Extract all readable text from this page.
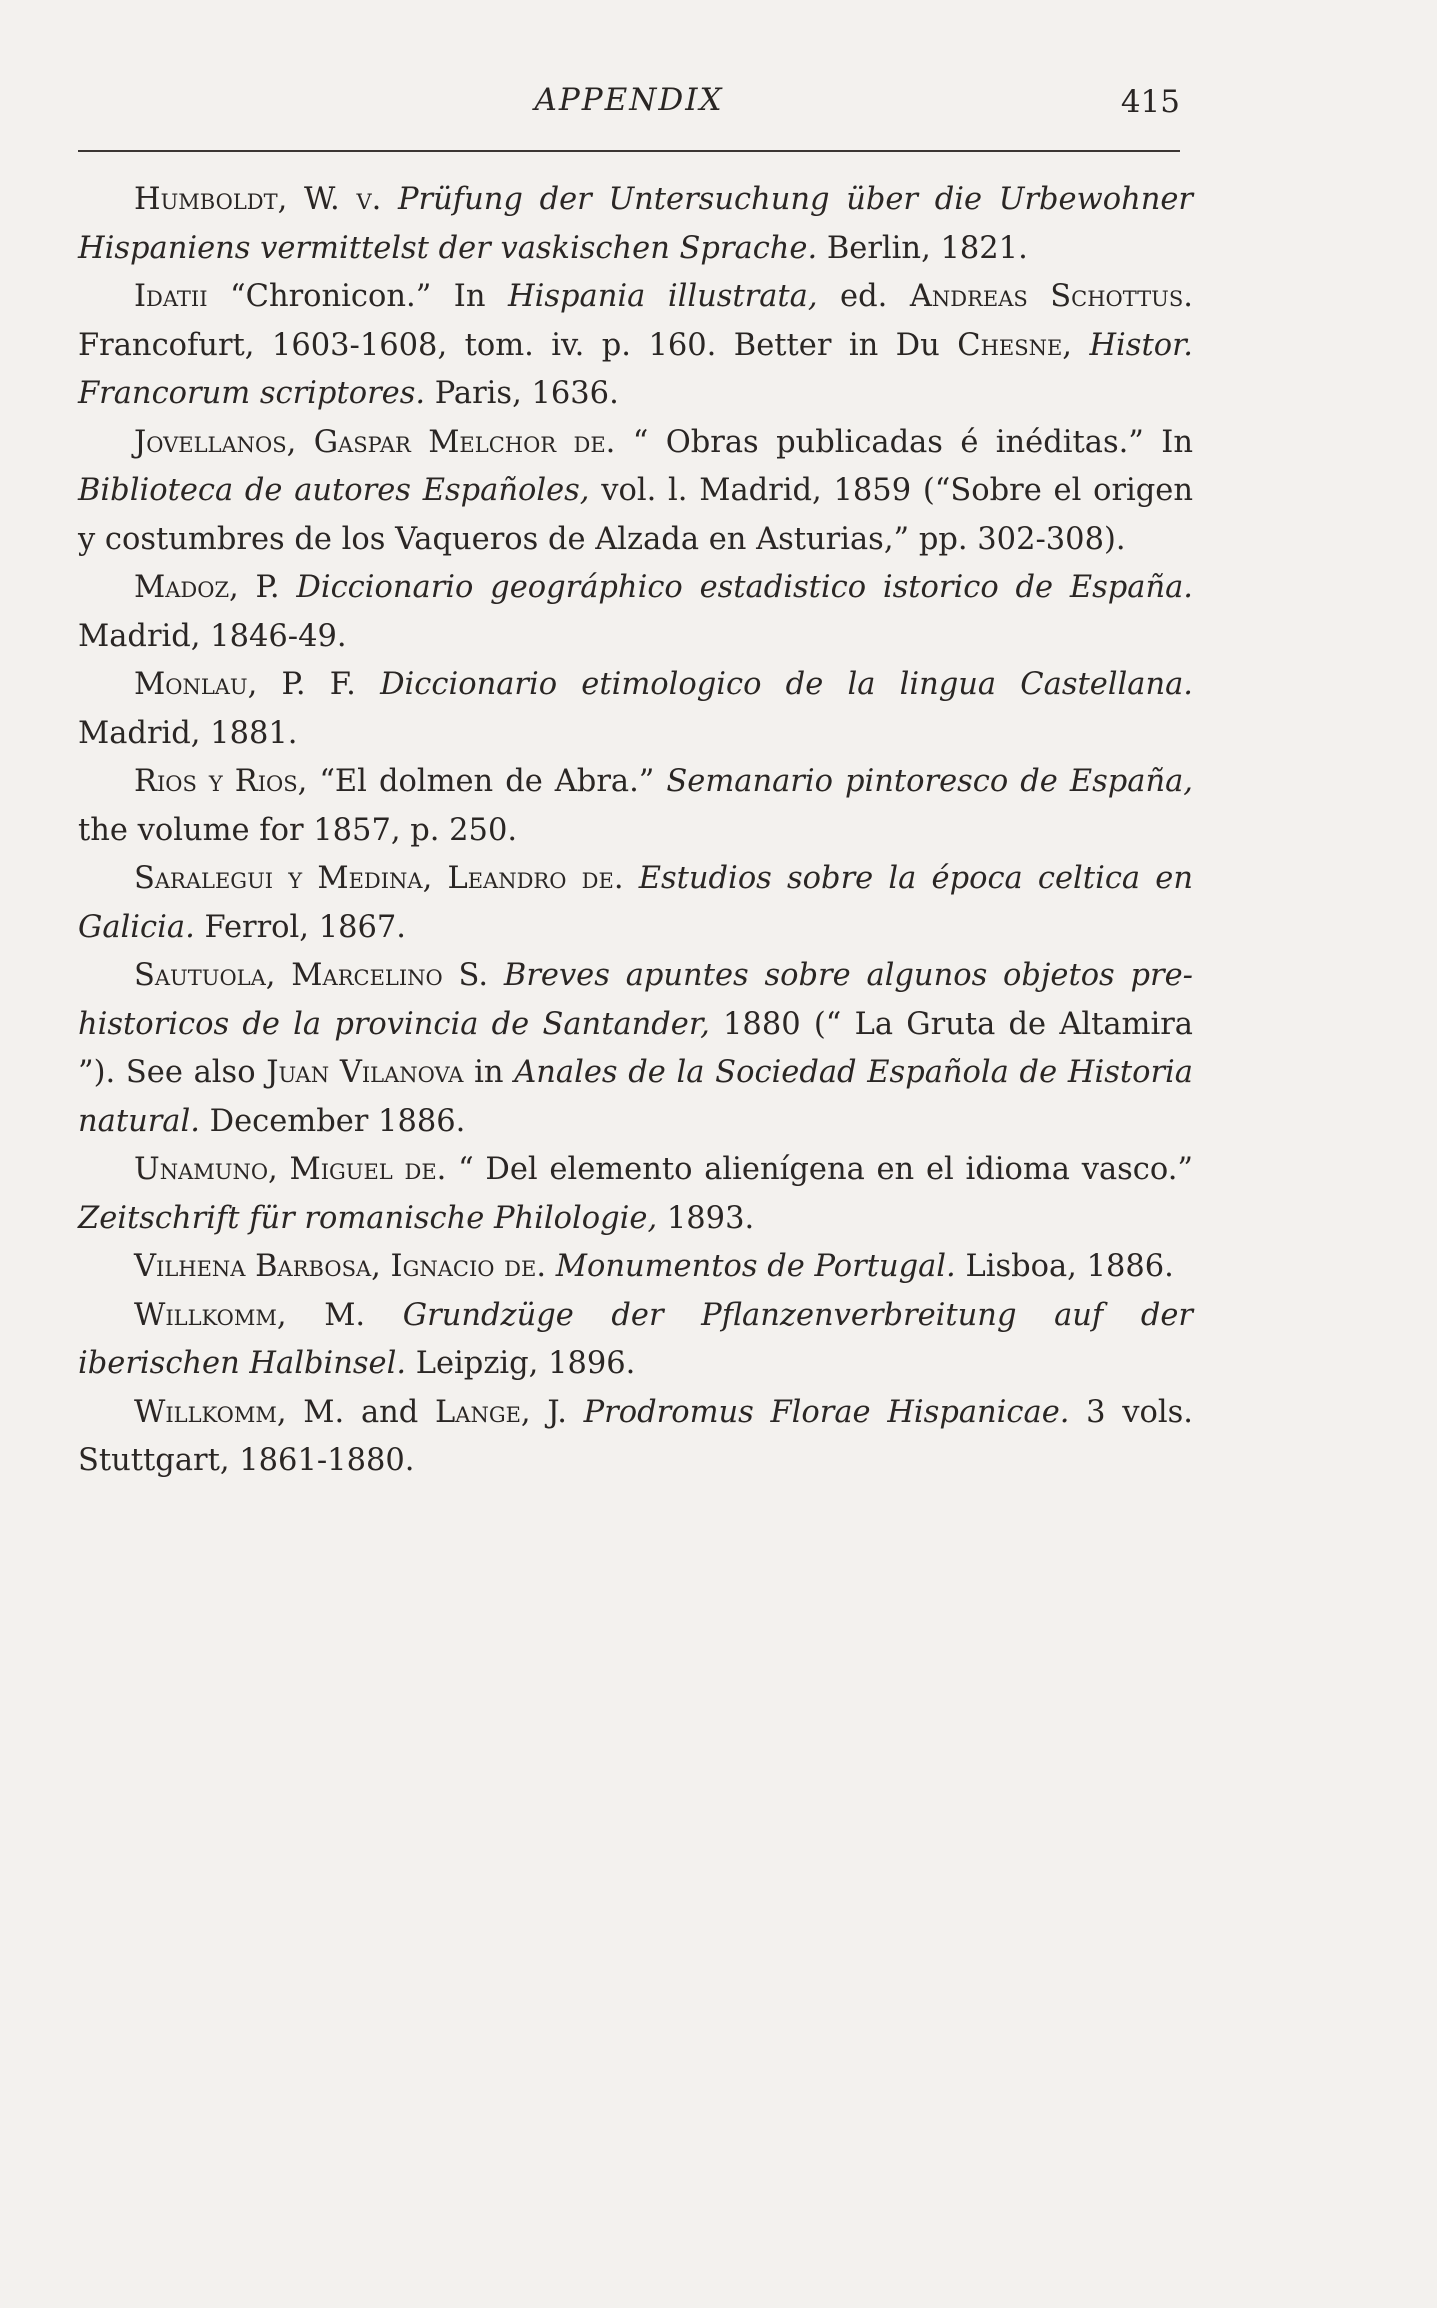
APPENDIX	415

Humboldt, W. v. Prüfung der Untersuchung über die Urbewohner Hispaniens vermittelst der vaskischen Sprache. Berlin, 1821.

Idatii “Chronicon.” In Hispania illustrata, ed. Andreas Schottus. Francofurt, 1603-1608, tom. iv. p. 160. Better in Du Chesne, Histor. Francorum scriptores. Paris, 1636.

Jovellanos, Gaspar Melchor de. “ Obras publicadas é inéditas.” In Biblioteca de autores Españoles, vol. l. Madrid, 1859 (“Sobre el origen y costumbres de los Vaqueros de Alzada en Asturias,” pp. 302-308).

Madoz, P. Diccionario geográphico estadistico istorico de España. Madrid, 1846-49.

Monlau, P. F. Diccionario etimologico de la lingua Castellana. Madrid, 1881.

Rios y Rios, “El dolmen de Abra.” Semanario pintoresco de España, the volume for 1857, p. 250.

Saralegui y Medina, Leandro de. Estudios sobre la época celtica en Galicia. Ferrol, 1867.

Sautuola, Marcelino S. Breves apuntes sobre algunos objetos pre-historicos de la provincia de Santander, 1880 (“ La Gruta de Altamira ”). See also Juan Vilanova in Anales de la Sociedad Española de Historia natural. December 1886.

Unamuno, Miguel de. “ Del elemento alienígena en el idioma vasco.” Zeitschrift für romanische Philologie, 1893.

Vilhena Barbosa, Ignacio de. Monumentos de Portugal. Lisboa, 1886.

Willkomm, M. Grundzüge der Pflanzenverbreitung auf der iberischen Halbinsel. Leipzig, 1896.

Willkomm, M. and Lange, J. Prodromus Florae Hispanicae. 3 vols. Stuttgart, 1861-1880.
